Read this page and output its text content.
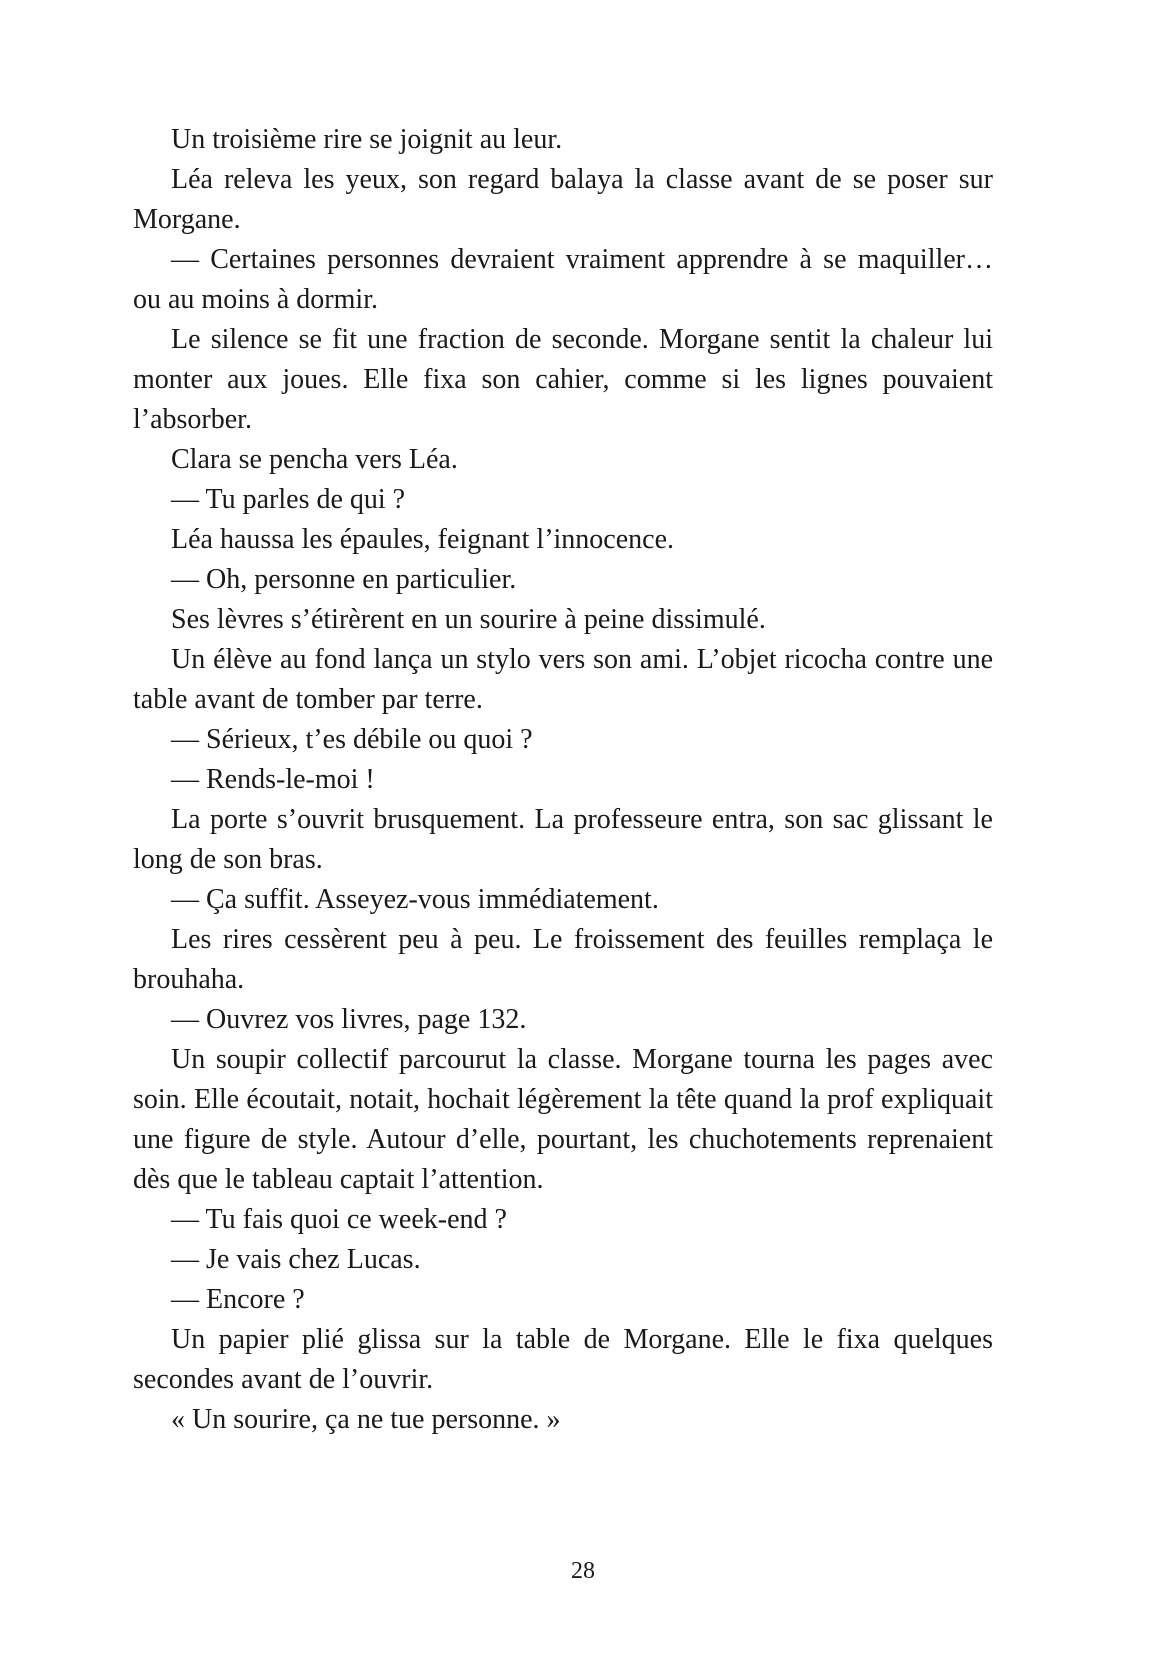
Un troisième rire se joignit au leur.

Léa releva les yeux, son regard balaya la classe avant de se poser sur Morgane.

— Certaines personnes devraient vraiment apprendre à se maquiller… ou au moins à dormir.

Le silence se fit une fraction de seconde. Morgane sentit la chaleur lui monter aux joues. Elle fixa son cahier, comme si les lignes pouvaient l’absorber.

Clara se pencha vers Léa.

— Tu parles de qui ?

Léa haussa les épaules, feignant l’innocence.

— Oh, personne en particulier.

Ses lèvres s’étirèrent en un sourire à peine dissimulé.

Un élève au fond lança un stylo vers son ami. L’objet ricocha contre une table avant de tomber par terre.

— Sérieux, t’es débile ou quoi ?

— Rends-le-moi !

La porte s’ouvrit brusquement. La professeure entra, son sac glissant le long de son bras.

— Ça suffit. Asseyez-vous immédiatement.

Les rires cessèrent peu à peu. Le froissement des feuilles remplaça le brouhaha.

— Ouvrez vos livres, page 132.

Un soupir collectif parcourut la classe. Morgane tourna les pages avec soin. Elle écoutait, notait, hochait légèrement la tête quand la prof expliquait une figure de style. Autour d’elle, pourtant, les chuchotements reprenaient dès que le tableau captait l’attention.

— Tu fais quoi ce week-end ?

— Je vais chez Lucas.

— Encore ?

Un papier plié glissa sur la table de Morgane. Elle le fixa quelques secondes avant de l’ouvrir.

« Un sourire, ça ne tue personne. »

28
